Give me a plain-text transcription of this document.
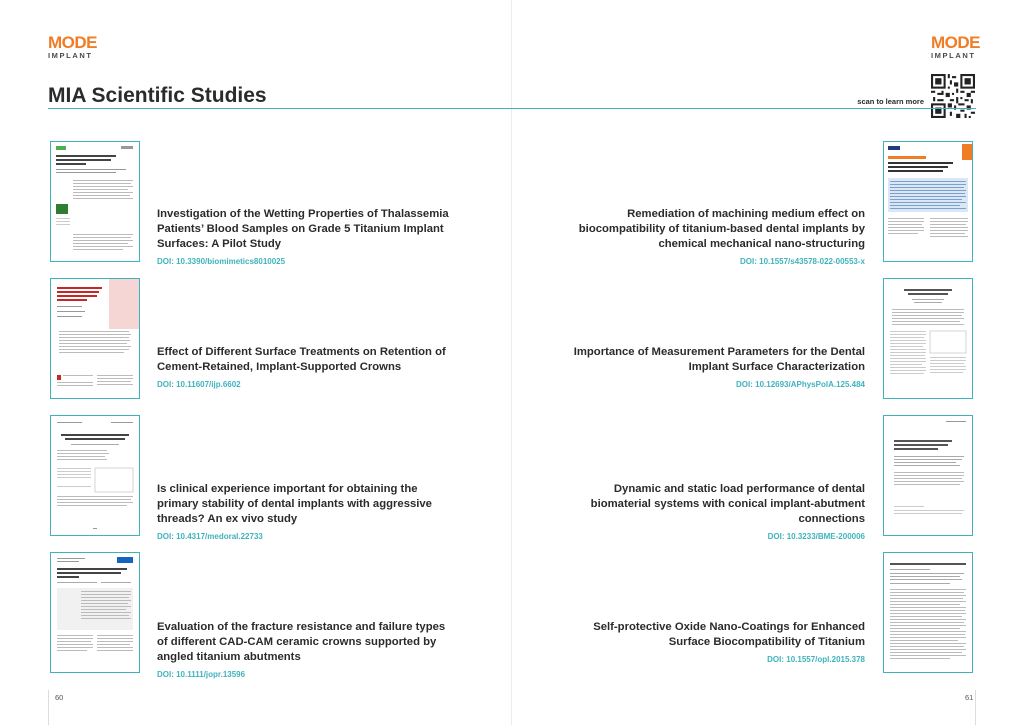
MODE
IMPLANT
MODE
IMPLANT
MIA Scientific Studies	scan to learn more

Investigation of the Wetting Properties of Thalassemia Patients’ Blood Samples on Grade 5 Titanium Implant Surfaces: A Pilot Study

DOI: 10.3390/biomimetics8010025

Effect of Different Surface Treatments on Retention of Cement-Retained, Implant-Supported Crowns

DOI: 10.11607/ijp.6602

Is clinical experience important for obtaining the primary stability of dental implants with aggressive threads? An ex vivo study

DOI: 10.4317/medoral.22733

Evaluation of the fracture resistance and failure types of different CAD-CAM ceramic crowns supported by angled titanium abutments

DOI: 10.1111/jopr.13596

Remediation of machining medium effect on biocompatibility of titanium-based dental implants by chemical mechanical nano-structuring

DOI: 10.1557/s43578-022-00553-x

Importance of Measurement Parameters for the Dental Implant Surface Characterization

DOI: 10.12693/APhysPolA.125.484

Dynamic and static load performance of dental biomaterial systems with conical implant-abutment connections

DOI: 10.3233/BME-200006

Self-protective Oxide Nano-Coatings for Enhanced Surface Biocompatibility of Titanium

DOI: 10.1557/opl.2015.378
60	61
